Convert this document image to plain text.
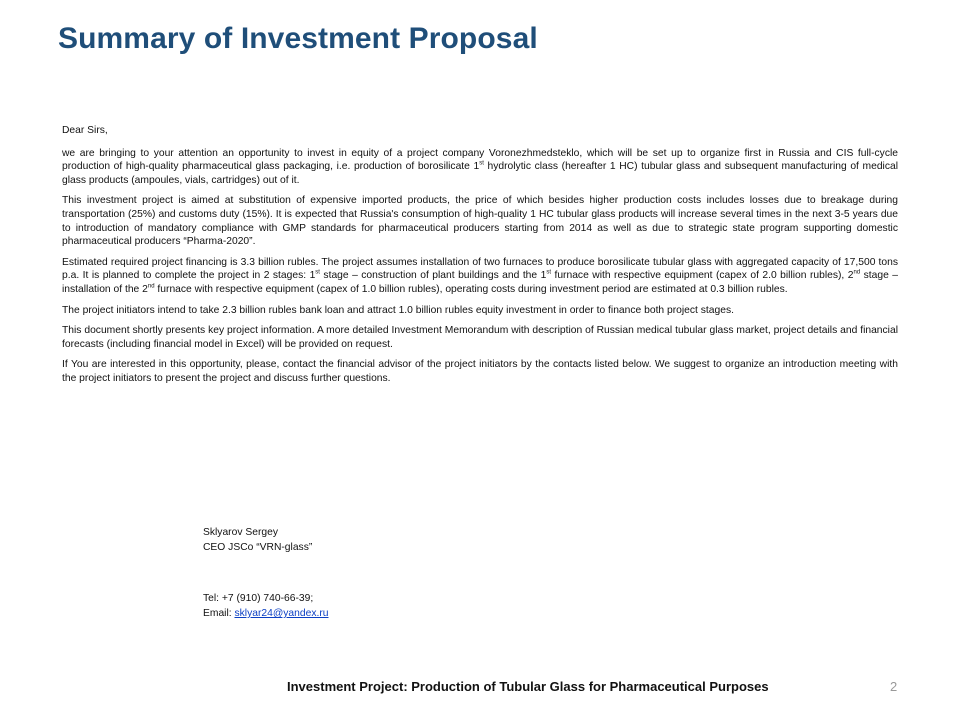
Summary of Investment Proposal

Dear Sirs,

we are bringing to your attention an opportunity to invest in equity of a project company Voronezhmedsteklo, which will be set up to organize first in Russia and CIS full-cycle production of high-quality pharmaceutical glass packaging, i.e. production of borosilicate 1st hydrolytic class (hereafter 1 HC) tubular glass and subsequent manufacturing of medical glass products (ampoules, vials, cartridges) out of it.

This investment project is aimed at substitution of expensive imported products, the price of which besides higher production costs includes losses due to breakage during transportation (25%) and customs duty (15%). It is expected that Russia's consumption of high-quality 1 HC tubular glass products will increase several times in the next 3-5 years due to introduction of mandatory compliance with GMP standards for pharmaceutical producers starting from 2014 as well as due to strategic state program supporting domestic pharmaceutical producers “Pharma-2020”.

Estimated required project financing is 3.3 billion rubles. The project assumes installation of two furnaces to produce borosilicate tubular glass with aggregated capacity of 17,500 tons p.a. It is planned to complete the project in 2 stages: 1st stage – construction of plant buildings and the 1st furnace with respective equipment (capex of 2.0 billion rubles), 2nd stage – installation of the 2nd furnace with respective equipment (capex of 1.0 billion rubles), operating costs during investment period are estimated at 0.3 billion rubles.

The project initiators intend to take 2.3 billion rubles bank loan and attract 1.0 billion rubles equity investment in order to finance both project stages.

This document shortly presents key project information. A more detailed Investment Memorandum with description of Russian medical tubular glass market, project details and financial forecasts (including financial model in Excel) will be provided on request.

If You are interested in this opportunity, please, contact the financial advisor of the project initiators by the contacts listed below. We suggest to organize an introduction meeting with the project initiators to present the project and discuss further questions.

Sklyarov Sergey
CEO JSCo “VRN-glass”
Tel: +7 (910) 740-66-39;
Email: sklyar24@yandex.ru
Investment Project: Production of Tubular Glass for Pharmaceutical Purposes	2
